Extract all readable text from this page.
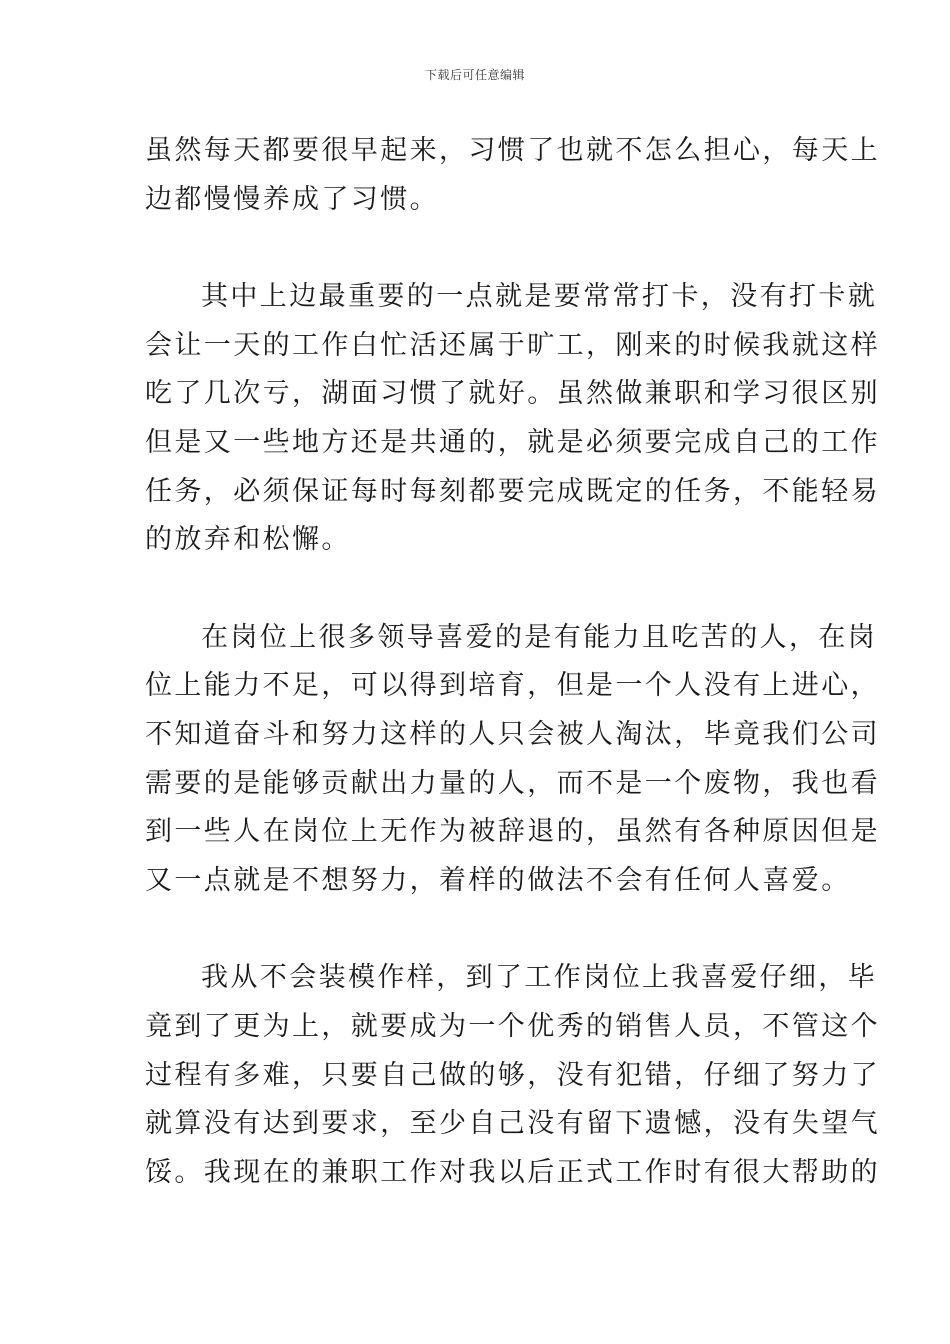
下载后可任意编辑

虽然每天都要很早起来，习惯了也就不怎么担心，每天上
边都慢慢养成了习惯。

其中上边最重要的一点就是要常常打卡，没有打卡就
会让一天的工作白忙活还属于旷工，刚来的时候我就这样
吃了几次亏，湖面习惯了就好。虽然做兼职和学习很区别
但是又一些地方还是共通的，就是必须要完成自己的工作
任务，必须保证每时每刻都要完成既定的任务，不能轻易
的放弃和松懈。

在岗位上很多领导喜爱的是有能力且吃苦的人，在岗
位上能力不足，可以得到培育，但是一个人没有上进心，
不知道奋斗和努力这样的人只会被人淘汰，毕竟我们公司
需要的是能够贡献出力量的人，而不是一个废物，我也看
到一些人在岗位上无作为被辞退的，虽然有各种原因但是
又一点就是不想努力，着样的做法不会有任何人喜爱。

我从不会装模作样，到了工作岗位上我喜爱仔细，毕
竟到了更为上，就要成为一个优秀的销售人员，不管这个
过程有多难，只要自己做的够，没有犯错，仔细了努力了
就算没有达到要求，至少自己没有留下遗憾，没有失望气
馁。我现在的兼职工作对我以后正式工作时有很大帮助的
